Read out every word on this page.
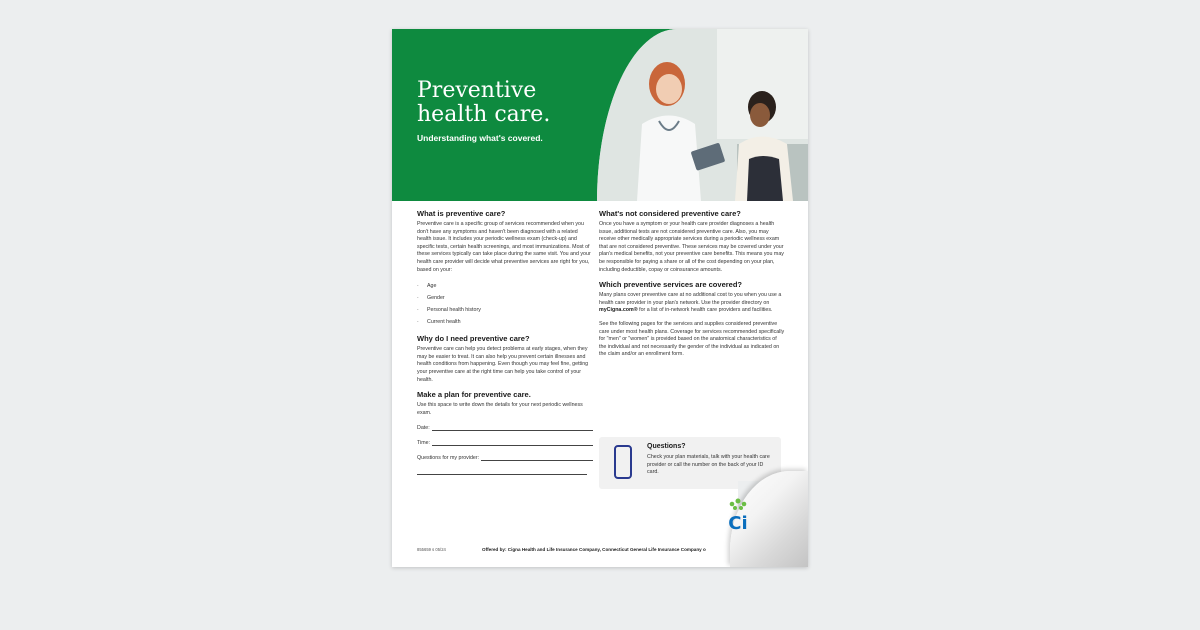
Preventive health care.
Understanding what's covered.
What is preventive care?

Preventive care is a specific group of services recommended when you don't have any symptoms and haven't been diagnosed with a related health issue. It includes your periodic wellness exam (check-up) and specific tests, certain health screenings, and most immunizations. Most of these services typically can take place during the same visit. You and your health care provider will decide what preventive services are right for you, based on your:

· Age
· Gender
· Personal health history
· Current health
Why do I need preventive care?

Preventive care can help you detect problems at early stages, when they may be easier to treat. It can also help you prevent certain illnesses and health conditions from happening. Even though you may feel fine, getting your preventive care at the right time can help you take control of your health.

Make a plan for preventive care.

Use this space to write down the details for your next periodic wellness exam.

Date:
Time:
Questions for my provider:
What's not considered preventive care?

Once you have a symptom or your health care provider diagnoses a health issue, additional tests are not considered preventive care. Also, you may receive other medically appropriate services during a periodic wellness exam that are not considered preventive. These services may be covered under your plan's medical benefits, not your preventive care benefits. This means you may be responsible for paying a share or all of the cost depending on your plan, including deductible, copay or coinsurance amounts.

Which preventive services are covered?

Many plans cover preventive care at no additional cost to you when you use a health care provider in your plan's network. Use the provider directory on myCigna.com® for a list of in-network health care providers and facilities.

See the following pages for the services and supplies considered preventive care under most health plans. Coverage for services recommended specifically for "men" or "women" is provided based on the anatomical characteristics of the individual and not necessarily the gender of the individual as indicated on the claim and/or an enrollment form.

Questions?
Check your plan materials, talk with your health care provider or call the number on the back of your ID card.
855659 s 05/24	Offered by: Cigna Health and Life Insurance Company, Connecticut General Life Insurance Company o
Ci
